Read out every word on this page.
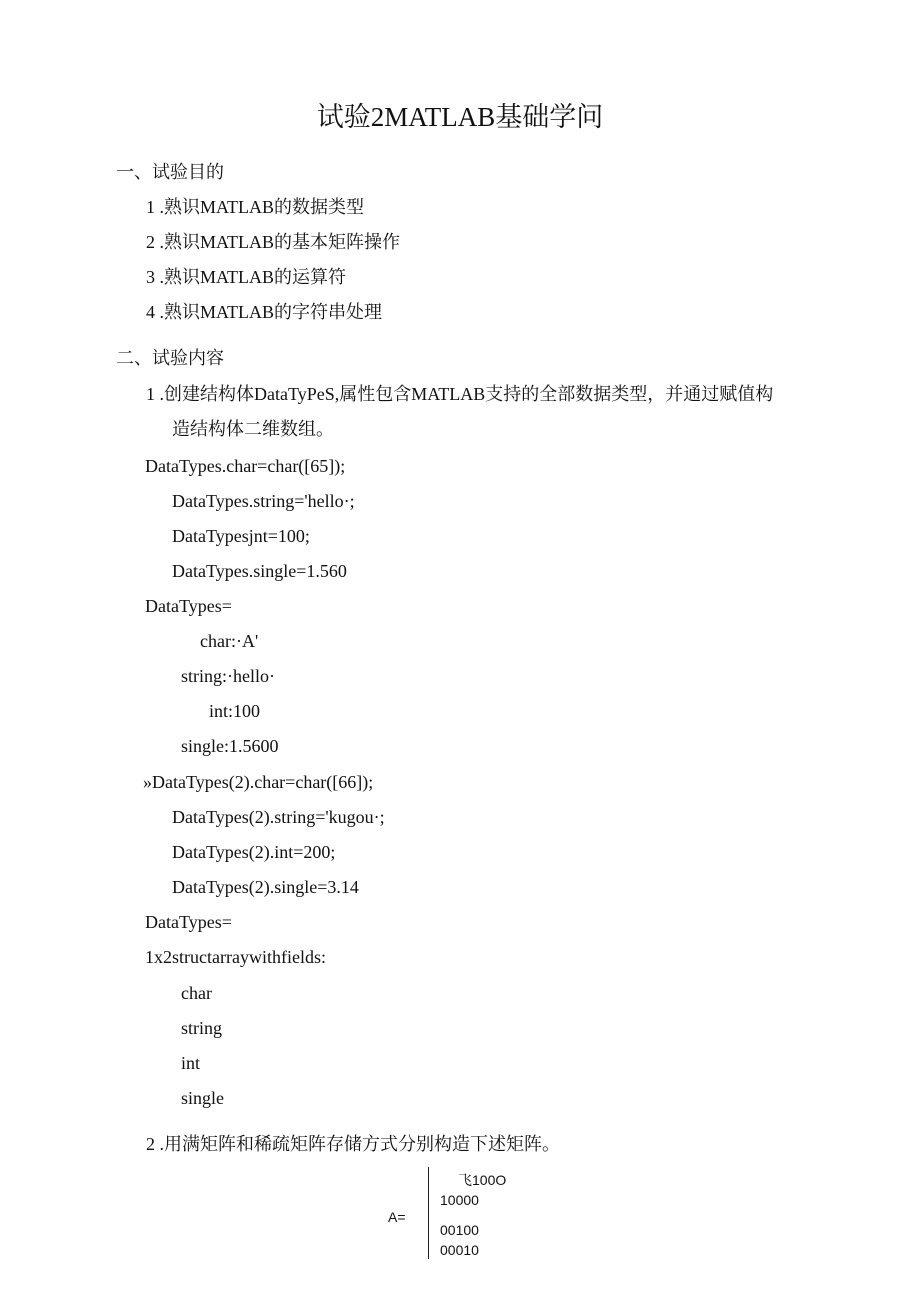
试验2MATLAB基础学问
一、试验目的
1 .熟识MATLAB的数据类型
2 .熟识MATLAB的基本矩阵操作
3 .熟识MATLAB的运算符
4 .熟识MATLAB的字符串处理
二、试验内容
1 .创建结构体DataTyPeS,属性包含MATLAB支持的全部数据类型，并通过赋值构
造结构体二维数组。
DataTypes.char=char([65]);
DataTypes.string='hello·;
DataTypesjnt=100;
DataTypes.single=1.560
DataTypes=
char:·A'
string:·hello·
int:100
single:1.5600
»DataTypes(2).char=char([66]);
DataTypes(2).string='kugou·;
DataTypes(2).int=200;
DataTypes(2).single=3.14
DataTypes=
1x2structarraywithfields:
char
string
int
single
2 .用满矩阵和稀疏矩阵存储方式分别构造下述矩阵。
A=
飞100O
10000
00100
00010
